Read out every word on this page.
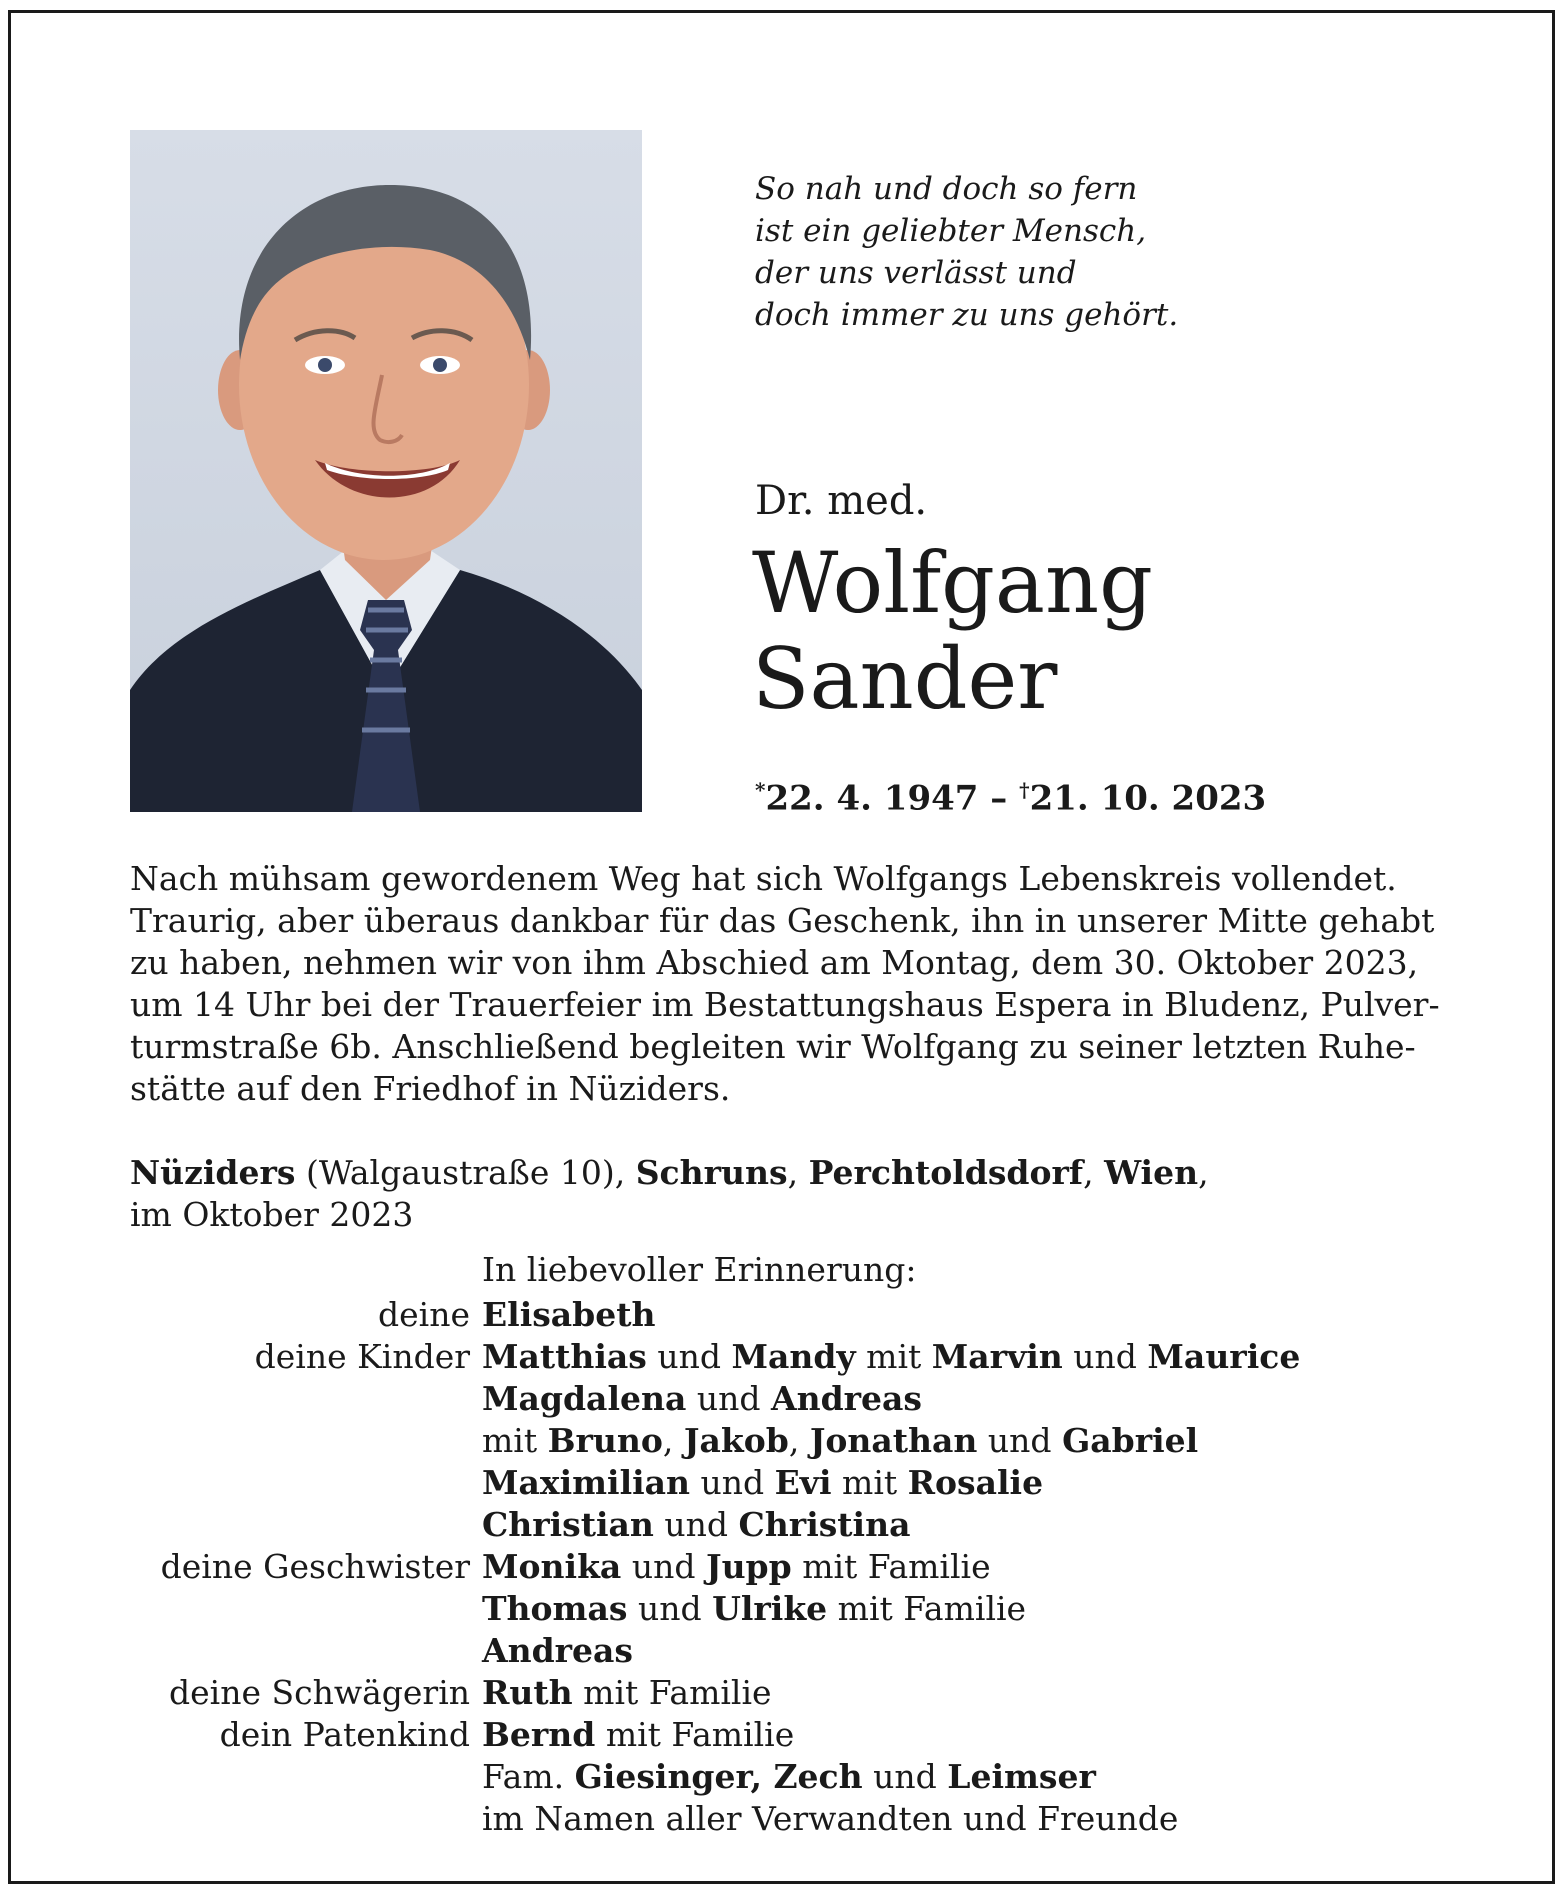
So nah und doch so fern
ist ein geliebter Mensch,
der uns verlässt und
doch immer zu uns gehört.
Dr. med.
Wolfgang
Sander
*22. 4. 1947 – †21. 10. 2023
Nach mühsam gewordenem Weg hat sich Wolfgangs Lebenskreis vollendet.
Traurig, aber überaus dankbar für das Geschenk, ihn in unserer Mitte gehabt
zu haben, nehmen wir von ihm Abschied am Montag, dem 30. Oktober 2023,
um 14 Uhr bei der Trauerfeier im Bestattungshaus Espera in Bludenz, Pulver-
turmstraße 6b. Anschließend begleiten wir Wolfgang zu seiner letzten Ruhe-
stätte auf den Friedhof in Nüziders.
Nüziders (Walgaustraße 10), Schruns, Perchtoldsdorf, Wien,
im Oktober 2023
In liebevoller Erinnerung:
deine	Elisabeth
deine Kinder	Matthias und Mandy mit Marvin und Maurice
	Magdalena und Andreas
	mit Bruno, Jakob, Jonathan und Gabriel
	Maximilian und Evi mit Rosalie
	Christian und Christina
deine Geschwister	Monika und Jupp mit Familie
	Thomas und Ulrike mit Familie
	Andreas
deine Schwägerin	Ruth mit Familie
dein Patenkind	Bernd mit Familie
	Fam. Giesinger, Zech und Leimser
	im Namen aller Verwandten und Freunde
